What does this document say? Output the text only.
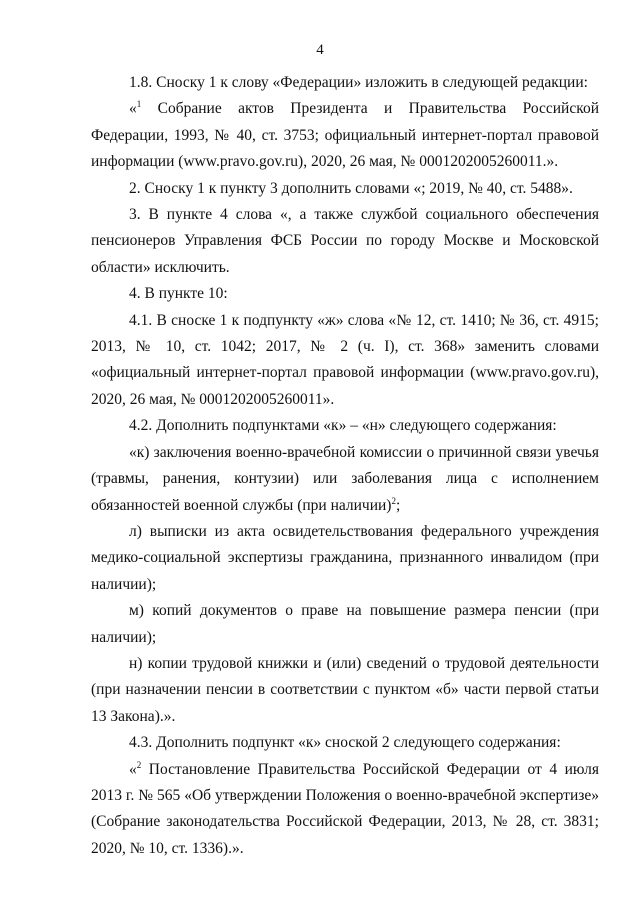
4

1.8. Сноску 1 к слову «Федерации» изложить в следующей редакции:

«$^1$ Собрание актов Президента и Правительства Российской Федерации, 1993, № 40, ст. 3753; официальный интернет-портал правовой информации (www.pravo.gov.ru), 2020, 26 мая, № 0001202005260011.».

2. Сноску 1 к пункту 3 дополнить словами «; 2019, № 40, ст. 5488».

3. В пункте 4 слова «, а также службой социального обеспечения пенсионеров Управления ФСБ России по городу Москве и Московской области» исключить.

4. В пункте 10:

4.1. В сноске 1 к подпункту «ж» слова «№ 12, ст. 1410; № 36, ст. 4915; 2013, № 10, ст. 1042; 2017, № 2 (ч. I), ст. 368» заменить словами «официальный интернет-портал правовой информации (www.pravo.gov.ru), 2020, 26 мая, № 0001202005260011».

4.2. Дополнить подпунктами «к» – «н» следующего содержания:

«к) заключения военно-врачебной комиссии о причинной связи увечья (травмы, ранения, контузии) или заболевания лица с исполнением обязанностей военной службы (при наличии)$^2$;

л) выписки из акта освидетельствования федерального учреждения медико-социальной экспертизы гражданина, признанного инвалидом (при наличии);

м) копий документов о праве на повышение размера пенсии (при наличии);

н) копии трудовой книжки и (или) сведений о трудовой деятельности (при назначении пенсии в соответствии с пунктом «б» части первой статьи 13 Закона).».

4.3. Дополнить подпункт «к» сноской 2 следующего содержания:

«$^2$ Постановление Правительства Российской Федерации от 4 июля 2013 г. № 565 «Об утверждении Положения о военно-врачебной экспертизе» (Собрание законодательства Российской Федерации, 2013, № 28, ст. 3831; 2020, № 10, ст. 1336).».
